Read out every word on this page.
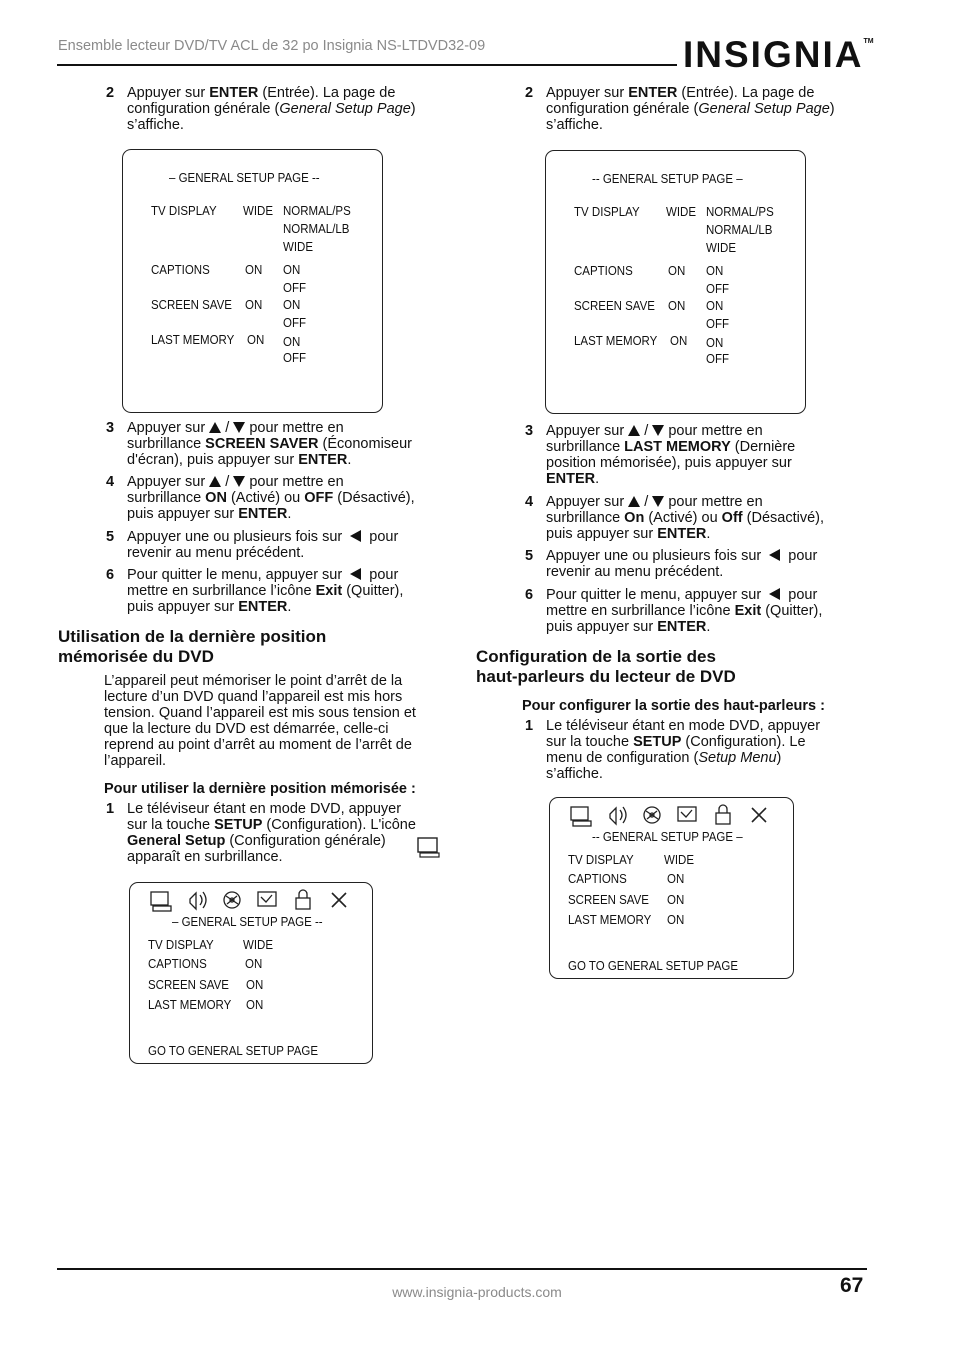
Ensemble lecteur DVD/TV ACL de 32 po Insignia NS-LTDVD32-09	INSIGNIA™
2 Appuyer sur ENTER (Entrée). La page de

configuration générale (General Setup Page)

s’affiche.

– GENERAL SETUP PAGE --
TV DISPLAY WIDE NORMAL/PS
NORMAL/LB
WIDE
CAPTIONS	ON ON
OFF
SCREEN SAVE ON ON
OFF
LAST MEMORY ON ON
OFF
3 Appuyer sur  /  pour mettre en

surbrillance SCREEN SAVER (Économiseur

d'écran), puis appuyer sur ENTER.

4 Appuyer sur  /  pour mettre en

surbrillance ON (Activé) ou OFF (Désactivé),

puis appuyer sur ENTER.

5 Appuyer une ou plusieurs fois sur  pour

revenir au menu précédent.

6 Pour quitter le menu, appuyer sur  pour

mettre en surbrillance l’icône Exit (Quitter),

puis appuyer sur ENTER.

Utilisation de la dernière position

mémorisée du DVD

L’appareil peut mémoriser le point d’arrêt de la

lecture d’un DVD quand l’appareil est mis hors

tension. Quand l’appareil est mis sous tension et

que la lecture du DVD est démarrée, celle-ci

reprend au point d’arrêt au moment de l’arrêt de

l’appareil.

Pour utiliser la dernière position mémorisée :
1 Le téléviseur étant en mode DVD, appuyer

sur la touche SETUP (Configuration). L'icône

General Setup (Configuration générale)

apparaît en surbrillance.

– GENERAL SETUP PAGE --
TV DISPLAY WIDE
CAPTIONS	ON
SCREEN SAVE ON
LAST MEMORY ON
GO TO GENERAL SETUP PAGE
2 Appuyer sur ENTER (Entrée). La page de

configuration générale (General Setup Page)

s’affiche.

-- GENERAL SETUP PAGE –
TV DISPLAY WIDE NORMAL/PS
NORMAL/LB
WIDE
CAPTIONS	ON ON
OFF
SCREEN SAVE ON ON
OFF
LAST MEMORY ON ON
OFF
3 Appuyer sur  /  pour mettre en

surbrillance LAST MEMORY (Dernière

position mémorisée), puis appuyer sur

ENTER.

4 Appuyer sur  /  pour mettre en

surbrillance On (Activé) ou Off (Désactivé),

puis appuyer sur ENTER.

5 Appuyer une ou plusieurs fois sur  pour

revenir au menu précédent.

6 Pour quitter le menu, appuyer sur  pour

mettre en surbrillance l’icône Exit (Quitter),

puis appuyer sur ENTER.

Configuration de la sortie des

haut-parleurs du lecteur de DVD

Pour configurer la sortie des haut-parleurs :
1 Le téléviseur étant en mode DVD, appuyer

sur la touche SETUP (Configuration). Le

menu de configuration (Setup Menu)

s’affiche.

-- GENERAL SETUP PAGE –
TV DISPLAY WIDE
CAPTIONS	ON
SCREEN SAVE ON
LAST MEMORY ON
GO TO GENERAL SETUP PAGE
www.insignia-products.com	67
